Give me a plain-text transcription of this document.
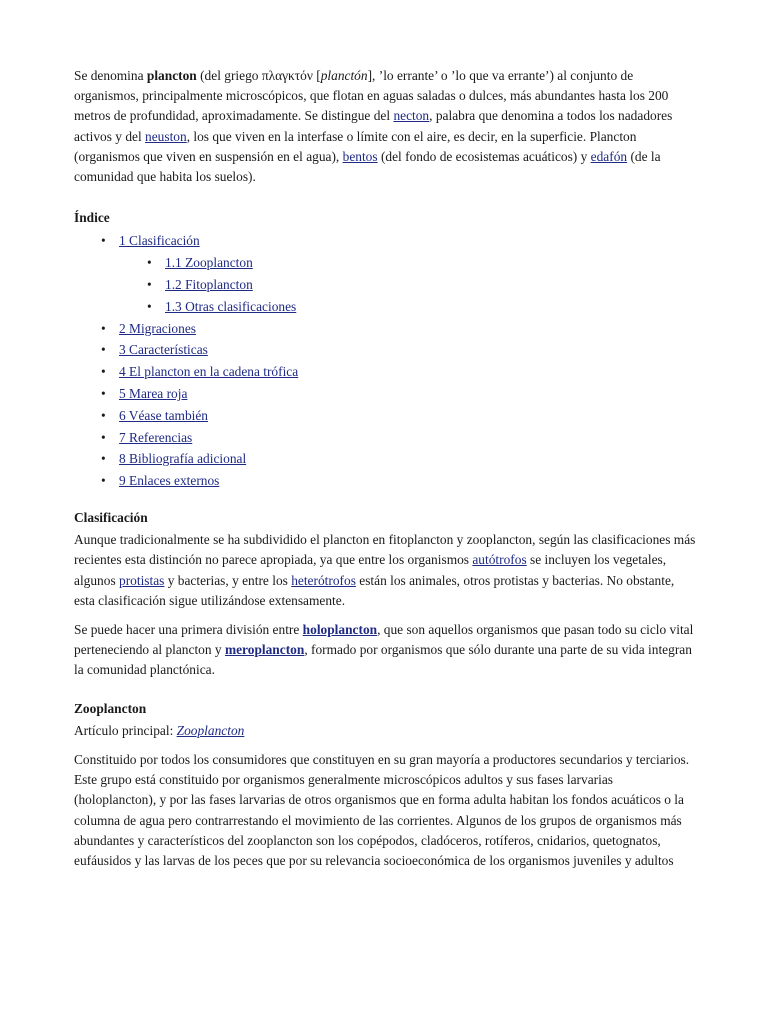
Se denomina plancton (del griego πλαγκτόν [planctón], ’lo errante’ o ’lo que va errante’) al conjunto de organismos, principalmente microscópicos, que flotan en aguas saladas o dulces, más abundantes hasta los 200 metros de profundidad, aproximadamente. Se distingue del necton, palabra que denomina a todos los nadadores activos y del neuston, los que viven en la interfase o límite con el aire, es decir, en la superficie. Plancton (organismos que viven en suspensión en el agua), bentos (del fondo de ecosistemas acuáticos) y edafón (de la comunidad que habita los suelos).

Índice

• 1 Clasificación
• 1.1 Zooplancton
• 1.2 Fitoplancton
• 1.3 Otras clasificaciones
• 2 Migraciones
• 3 Características
• 4 El plancton en la cadena trófica
• 5 Marea roja
• 6 Véase también
• 7 Referencias
• 8 Bibliografía adicional
• 9 Enlaces externos

Clasificación

Aunque tradicionalmente se ha subdividido el plancton en fitoplancton y zooplancton, según las clasificaciones más recientes esta distinción no parece apropiada, ya que entre los organismos autótrofos se incluyen los vegetales, algunos protistas y bacterias, y entre los heterótrofos están los animales, otros protistas y bacterias. No obstante, esta clasificación sigue utilizándose extensamente.

Se puede hacer una primera división entre holoplancton, que son aquellos organismos que pasan todo su ciclo vital perteneciendo al plancton y meroplancton, formado por organismos que sólo durante una parte de su vida integran la comunidad planctónica.

Zooplancton

Artículo principal: Zooplancton

Constituido por todos los consumidores que constituyen en su gran mayoría a productores secundarios y terciarios. Este grupo está constituido por organismos generalmente microscópicos adultos y sus fases larvarias (holoplancton), y por las fases larvarias de otros organismos que en forma adulta habitan los fondos acuáticos o la columna de agua pero contrarrestando el movimiento de las corrientes. Algunos de los grupos de organismos más abundantes y característicos del zooplancton son los copépodos, cladóceros, rotíferos, cnidarios, quetognatos, eufáusidos y las larvas de los peces que por su relevancia socioeconómica de los organismos juveniles y adultos
